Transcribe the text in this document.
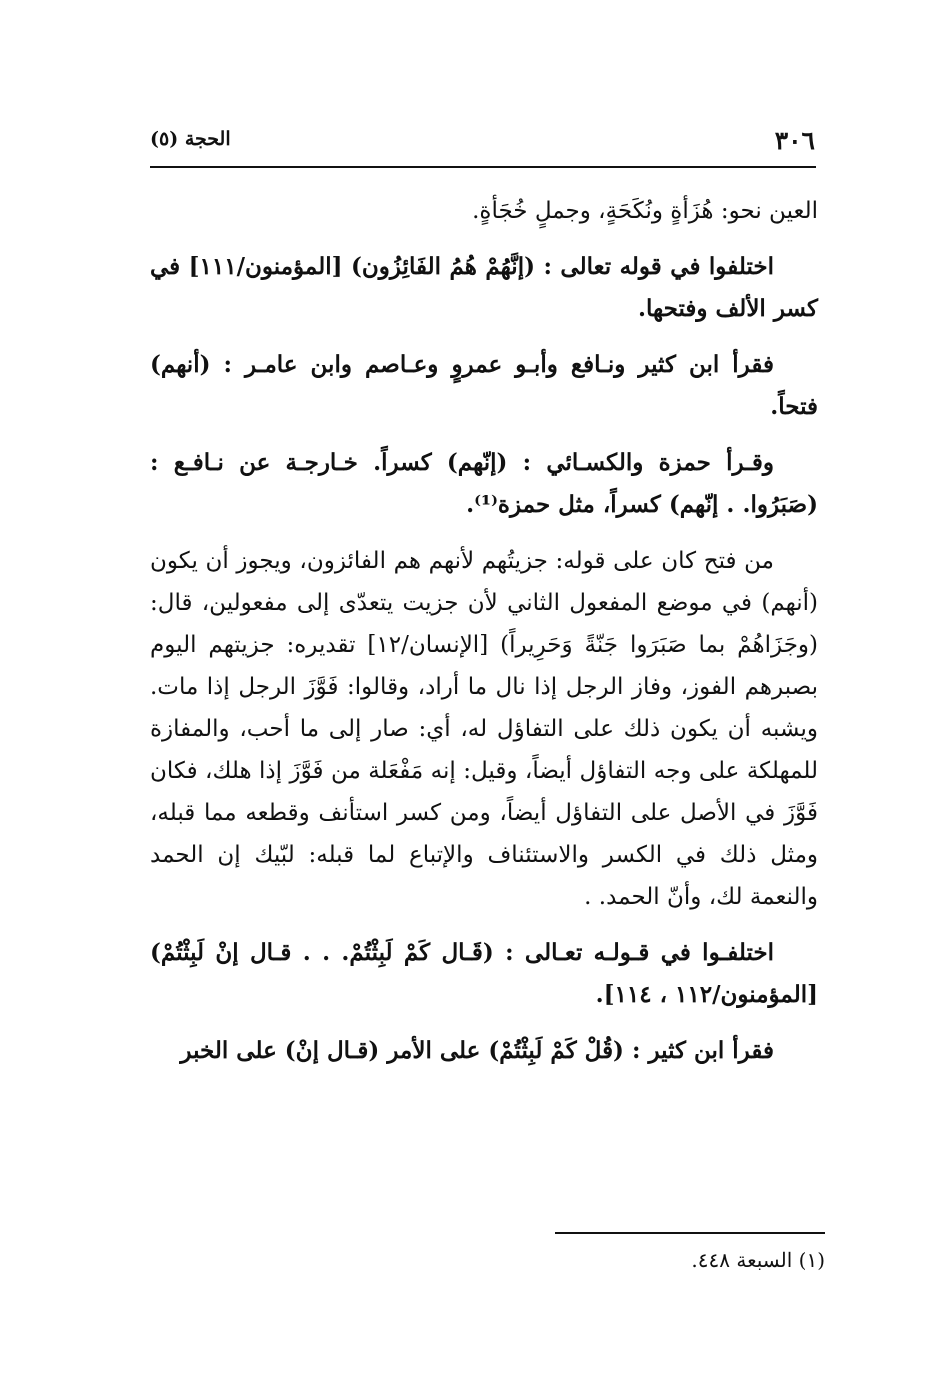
٣٠٦
الحجة (٥)

العين نحو: هُزَأةٍ ونُكَحَةٍ، وجملٍ خُجَأةٍ.

اختلفوا في قوله تعالى : (إنَّهُمْ هُمُ الفَائِزُون) [المؤمنون/١١١] في كسر الألف وفتحها.

فقرأ ابن كثير ونـافع وأبـو عمروٍ وعـاصم وابن عامـر : (أنهم) فتحاً.

وقـرأ حمزة والكسـائي : (إنّهم) كسراً. خـارجـة عن نـافـع : (صَبَرُوا. . إنّهم) كسراً، مثل حمزة⁽¹⁾.

من فتح كان على قوله: جزيتُهم لأنهم هم الفائزون، ويجوز أن يكون (أنهم) في موضع المفعول الثاني لأن جزيت يتعدّى إلى مفعولين، قال: (وجَزَاهُمْ بما صَبَرَوا جَنّةً وَحَرِيراً) [الإنسان/١٢] تقديره: جزيتهم اليوم بصبرهم الفوز، وفاز الرجل إذا نال ما أراد، وقالوا: فَوَّزَ الرجل إذا مات. ويشبه أن يكون ذلك على التفاؤل له، أي: صار إلى ما أحب، والمفازة للمهلكة على وجه التفاؤل أيضاً، وقيل: إنه مَفْعَلة من فَوَّزَ إذا هلك، فكان فَوَّزَ في الأصل على التفاؤل أيضاً، ومن كسر استأنف وقطعه مما قبله، ومثل ذلك في الكسر والاستئناف والإتباع لما قبله: لبّيك إن الحمد والنعمة لك، وأنّ الحمد. .

اختلفـوا في قـولـه تعـالى : (قَـال كَمْ لَبِثْتُمْ. . . قـال إنْ لَبِثْتُمْ) [المؤمنون/١١٢ ، ١١٤].

فقرأ ابن كثير : (قُلْ كَمْ لَبِثْتُمْ) على الأمر (قـال إنْ) على الخبر

(١) السبعة ٤٤٨.
